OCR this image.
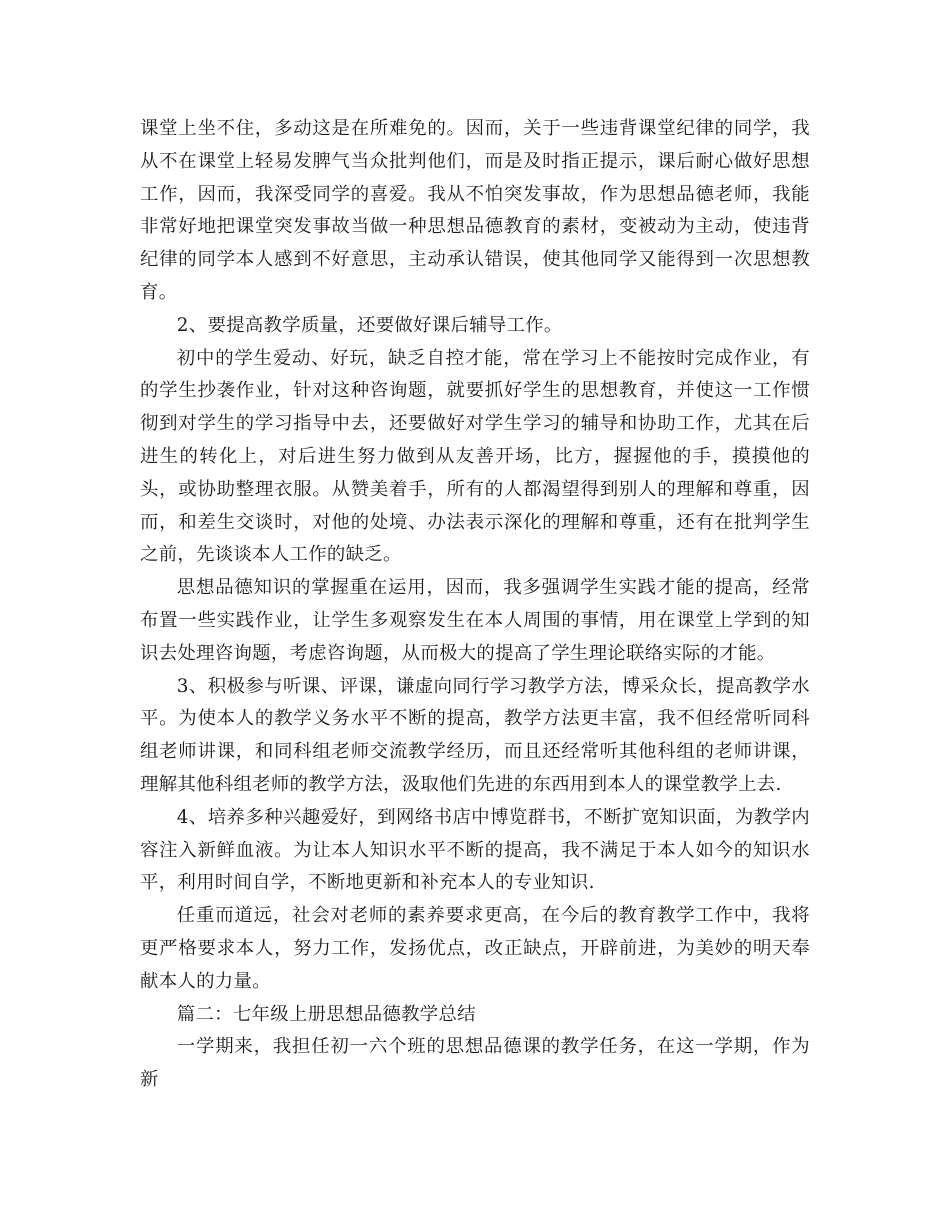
课堂上坐不住，多动这是在所难免的。因而，关于一些违背课堂纪律的同学，我从不在课堂上轻易发脾气当众批判他们，而是及时指正提示，课后耐心做好思想工作，因而，我深受同学的喜爱。我从不怕突发事故，作为思想品德老师，我能非常好地把课堂突发事故当做一种思想品德教育的素材，变被动为主动，使违背纪律的同学本人感到不好意思，主动承认错误，使其他同学又能得到一次思想教育。

2、要提高教学质量，还要做好课后辅导工作。

初中的学生爱动、好玩，缺乏自控才能，常在学习上不能按时完成作业，有的学生抄袭作业，针对这种咨询题，就要抓好学生的思想教育，并使这一工作惯彻到对学生的学习指导中去，还要做好对学生学习的辅导和协助工作，尤其在后进生的转化上，对后进生努力做到从友善开场，比方，握握他的手，摸摸他的头，或协助整理衣服。从赞美着手，所有的人都渴望得到别人的理解和尊重，因而，和差生交谈时，对他的处境、办法表示深化的理解和尊重，还有在批判学生之前，先谈谈本人工作的缺乏。

思想品德知识的掌握重在运用，因而，我多强调学生实践才能的提高，经常布置一些实践作业，让学生多观察发生在本人周围的事情，用在课堂上学到的知识去处理咨询题，考虑咨询题，从而极大的提高了学生理论联络实际的才能。

3、积极参与听课、评课，谦虚向同行学习教学方法，博采众长，提高教学水平。为使本人的教学义务水平不断的提高，教学方法更丰富，我不但经常听同科组老师讲课，和同科组老师交流教学经历，而且还经常听其他科组的老师讲课，理解其他科组老师的教学方法，汲取他们先进的东西用到本人的课堂教学上去.

4、培养多种兴趣爱好，到网络书店中博览群书，不断扩宽知识面，为教学内容注入新鲜血液。为让本人知识水平不断的提高，我不满足于本人如今的知识水平，利用时间自学，不断地更新和补充本人的专业知识.

任重而道远，社会对老师的素养要求更高，在今后的教育教学工作中，我将更严格要求本人，努力工作，发扬优点，改正缺点，开辟前进，为美妙的明天奉献本人的力量。

篇二：七年级上册思想品德教学总结

一学期来，我担任初一六个班的思想品德课的教学任务，在这一学期，作为新
